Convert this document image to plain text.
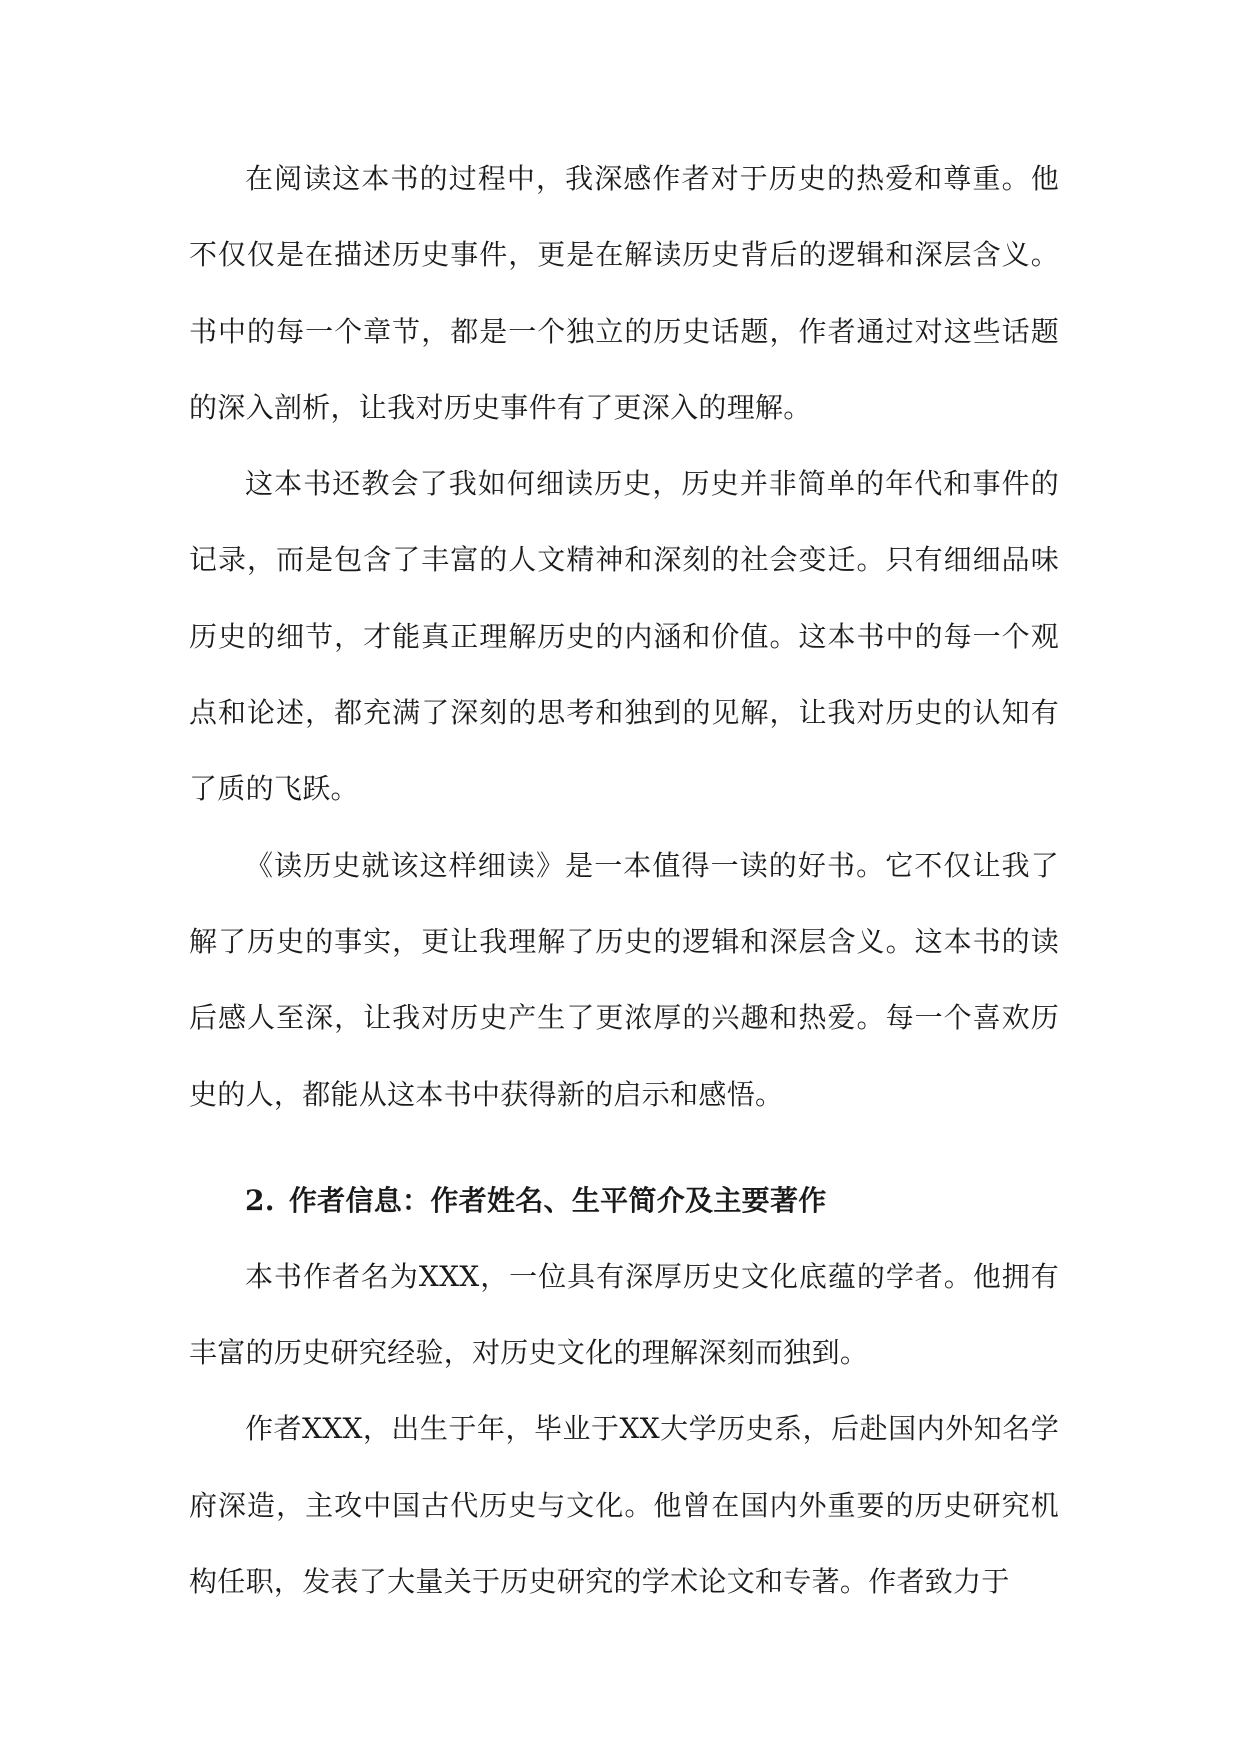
在阅读这本书的过程中，我深感作者对于历史的热爱和尊重。他不仅仅是在描述历史事件，更是在解读历史背后的逻辑和深层含义。书中的每一个章节，都是一个独立的历史话题，作者通过对这些话题的深入剖析，让我对历史事件有了更深入的理解。

这本书还教会了我如何细读历史，历史并非简单的年代和事件的记录，而是包含了丰富的人文精神和深刻的社会变迁。只有细细品味历史的细节，才能真正理解历史的内涵和价值。这本书中的每一个观点和论述，都充满了深刻的思考和独到的见解，让我对历史的认知有了质的飞跃。

《读历史就该这样细读》是一本值得一读的好书。它不仅让我了解了历史的事实，更让我理解了历史的逻辑和深层含义。这本书的读后感人至深，让我对历史产生了更浓厚的兴趣和热爱。每一个喜欢历史的人，都能从这本书中获得新的启示和感悟。

2. 作者信息：作者姓名、生平简介及主要著作

本书作者名为XXX，一位具有深厚历史文化底蕴的学者。他拥有丰富的历史研究经验，对历史文化的理解深刻而独到。

作者XXX，出生于年，毕业于XX大学历史系，后赴国内外知名学府深造，主攻中国古代历史与文化。他曾在国内外重要的历史研究机构任职，发表了大量关于历史研究的学术论文和专著。作者致力于
